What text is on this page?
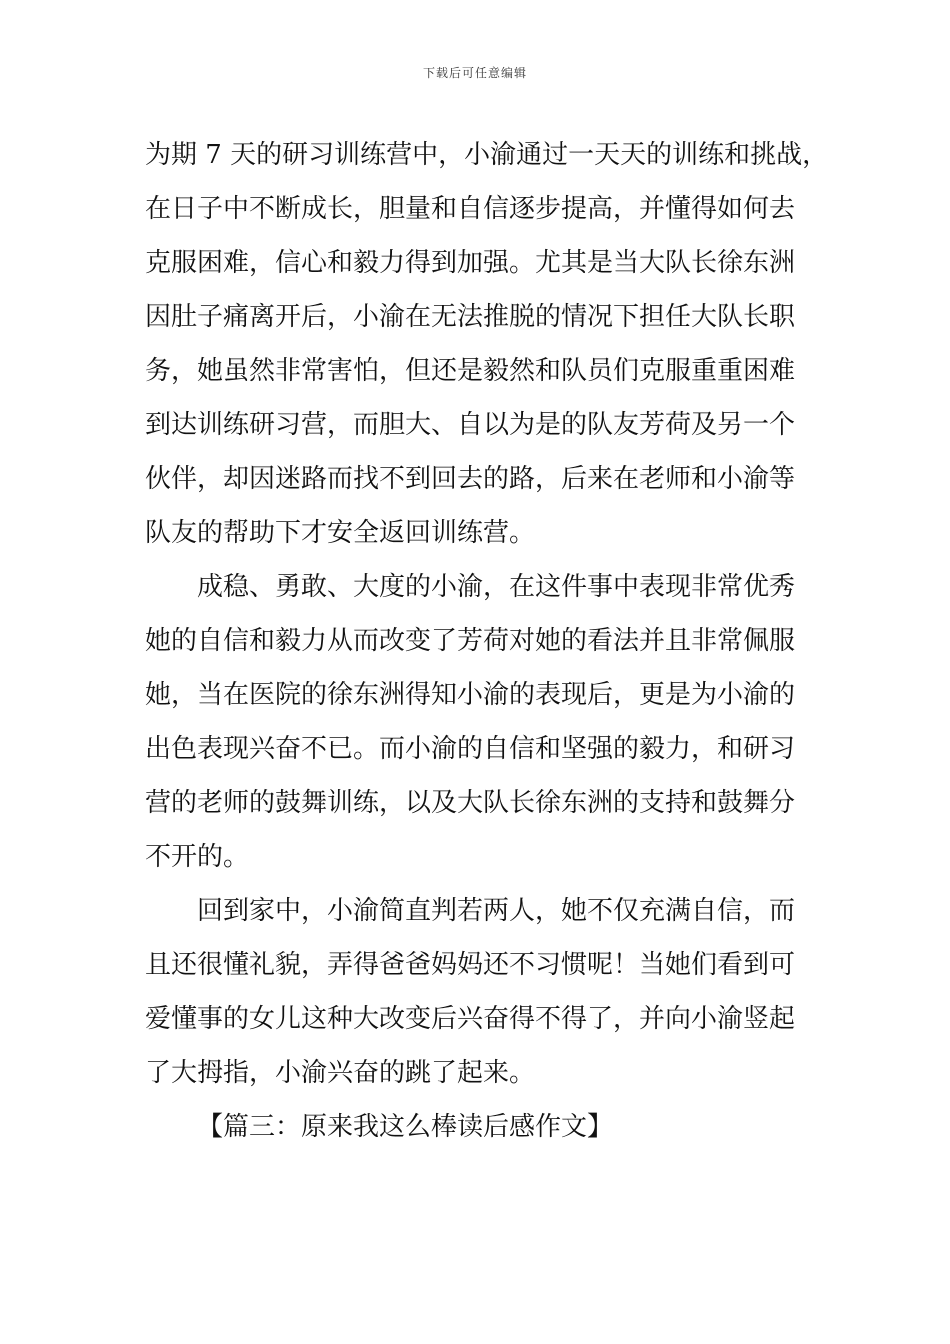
下载后可任意编辑
为期 7 天的研习训练营中，小渝通过一天天的训练和挑战，
在日子中不断成长，胆量和自信逐步提高，并懂得如何去
克服困难，信心和毅力得到加强。尤其是当大队长徐东洲
因肚子痛离开后，小渝在无法推脱的情况下担任大队长职
务，她虽然非常害怕，但还是毅然和队员们克服重重困难
到达训练研习营，而胆大、自以为是的队友芳荷及另一个
伙伴，却因迷路而找不到回去的路，后来在老师和小渝等
队友的帮助下才安全返回训练营。
成稳、勇敢、大度的小渝，在这件事中表现非常优秀
她的自信和毅力从而改变了芳荷对她的看法并且非常佩服
她，当在医院的徐东洲得知小渝的表现后，更是为小渝的
出色表现兴奋不已。而小渝的自信和坚强的毅力，和研习
营的老师的鼓舞训练，以及大队长徐东洲的支持和鼓舞分
不开的。
回到家中，小渝简直判若两人，她不仅充满自信，而
且还很懂礼貌，弄得爸爸妈妈还不习惯呢！当她们看到可
爱懂事的女儿这种大改变后兴奋得不得了，并向小渝竖起
了大拇指，小渝兴奋的跳了起来。
【篇三：原来我这么棒读后感作文】
